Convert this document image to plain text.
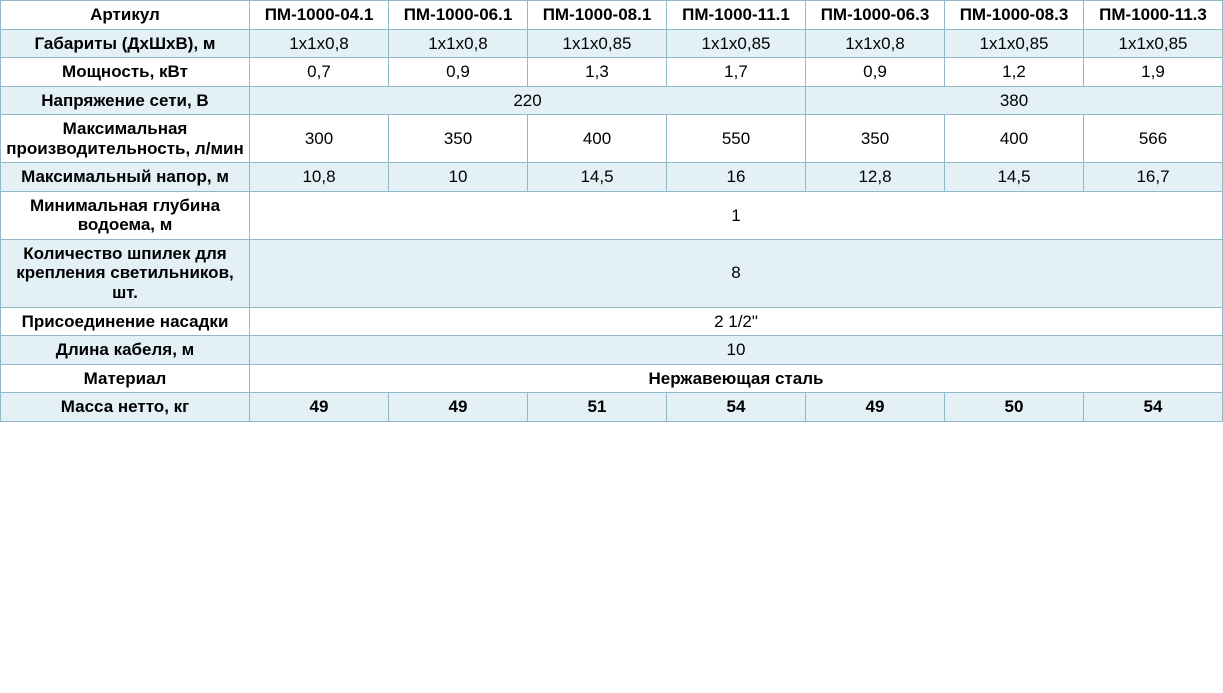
Артикул	ПМ-1000-04.1	ПМ-1000-06.1	ПМ-1000-08.1	ПМ-1000-11.1	ПМ-1000-06.3	ПМ-1000-08.3	ПМ-1000-11.3
Габариты (ДхШхВ), м	1х1х0,8	1х1х0,8	1х1х0,85	1х1х0,85	1х1х0,8	1х1х0,85	1х1х0,85
Мощность, кВт	0,7	0,9	1,3	1,7	0,9	1,2	1,9
Напряжение сети, В	220				380		
Максимальная производительность, л/мин	300	350	400	550	350	400	566
Максимальный напор, м	10,8	10	14,5	16	12,8	14,5	16,7
Минимальная глубина водоема, м	1						
Количество шпилек для крепления светильников, шт.	8						
Присоединение насадки	2 1/2"						
Длина кабеля, м	10						
Материал	Нержавеющая сталь						
Масса нетто, кг	49	49	51	54	49	50	54
